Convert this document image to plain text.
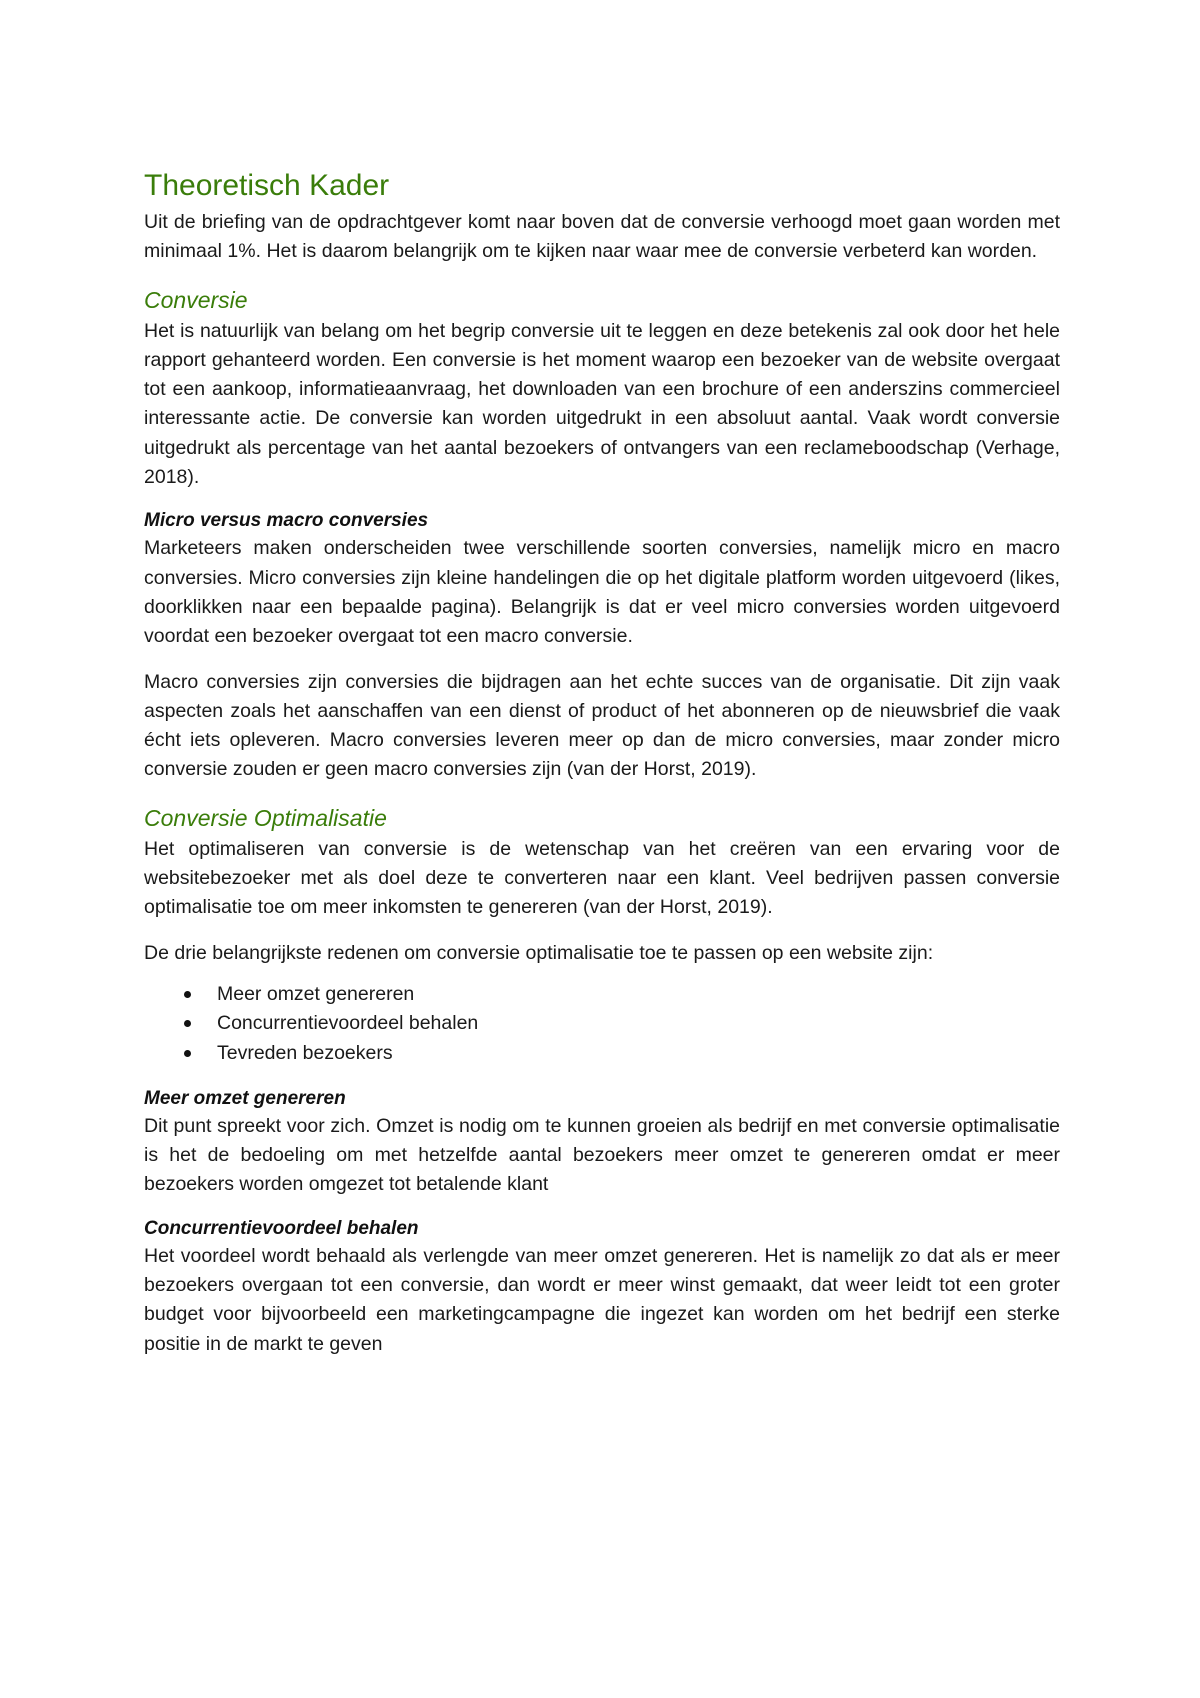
Theoretisch Kader

Uit de briefing van de opdrachtgever komt naar boven dat de conversie verhoogd moet gaan worden met minimaal 1%. Het is daarom belangrijk om te kijken naar waar mee de conversie verbeterd kan worden.

Conversie

Het is natuurlijk van belang om het begrip conversie uit te leggen en deze betekenis zal ook door het hele rapport gehanteerd worden. Een conversie is het moment waarop een bezoeker van de website overgaat tot een aankoop, informatieaanvraag, het downloaden van een brochure of een anderszins commercieel interessante actie. De conversie kan worden uitgedrukt in een absoluut aantal. Vaak wordt conversie uitgedrukt als percentage van het aantal bezoekers of ontvangers van een reclameboodschap (Verhage, 2018).

Micro versus macro conversies

Marketeers maken onderscheiden twee verschillende soorten conversies, namelijk micro en macro conversies. Micro conversies zijn kleine handelingen die op het digitale platform worden uitgevoerd (likes, doorklikken naar een bepaalde pagina). Belangrijk is dat er veel micro conversies worden uitgevoerd voordat een bezoeker overgaat tot een macro conversie.

Macro conversies zijn conversies die bijdragen aan het echte succes van de organisatie. Dit zijn vaak aspecten zoals het aanschaffen van een dienst of product of het abonneren op de nieuwsbrief die vaak écht iets opleveren. Macro conversies leveren meer op dan de micro conversies, maar zonder micro conversie zouden er geen macro conversies zijn (van der Horst, 2019).

Conversie Optimalisatie

Het optimaliseren van conversie is de wetenschap van het creëren van een ervaring voor de websitebezoeker met als doel deze te converteren naar een klant. Veel bedrijven passen conversie optimalisatie toe om meer inkomsten te genereren (van der Horst, 2019).

De drie belangrijkste redenen om conversie optimalisatie toe te passen op een website zijn:

Meer omzet genereren
Concurrentievoordeel behalen
Tevreden bezoekers
Meer omzet genereren

Dit punt spreekt voor zich. Omzet is nodig om te kunnen groeien als bedrijf en met conversie optimalisatie is het de bedoeling om met hetzelfde aantal bezoekers meer omzet te genereren omdat er meer bezoekers worden omgezet tot betalende klant

Concurrentievoordeel behalen

Het voordeel wordt behaald als verlengde van meer omzet genereren. Het is namelijk zo dat als er meer bezoekers overgaan tot een conversie, dan wordt er meer winst gemaakt, dat weer leidt tot een groter budget voor bijvoorbeeld een marketingcampagne die ingezet kan worden om het bedrijf een sterke positie in de markt te geven
